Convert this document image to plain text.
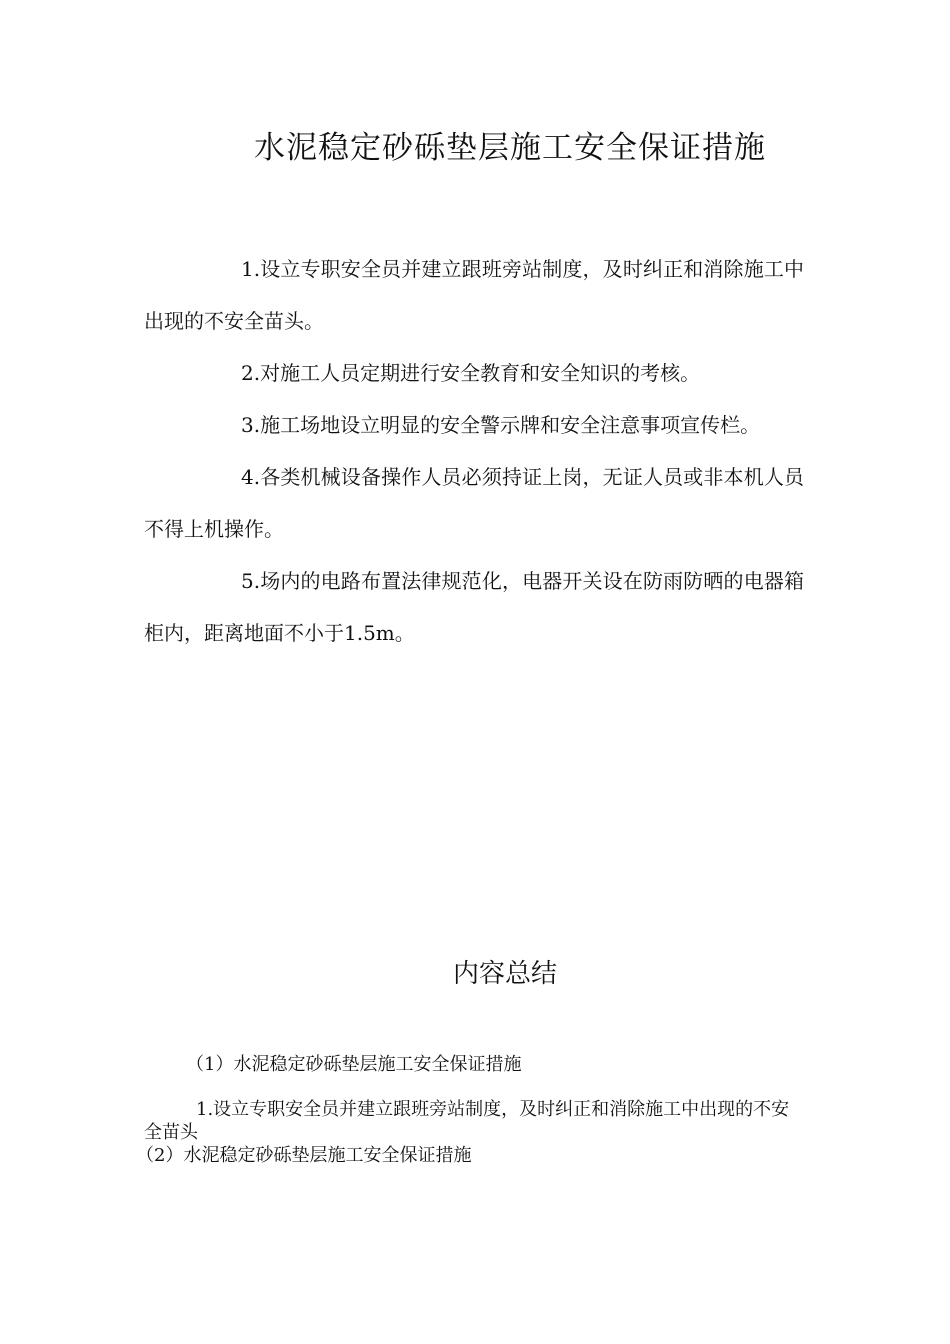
水泥稳定砂砾垫层施工安全保证措施

1.设立专职安全员并建立跟班旁站制度，及时纠正和消除施工中出现的不安全苗头。

2.对施工人员定期进行安全教育和安全知识的考核。

3.施工场地设立明显的安全警示牌和安全注意事项宣传栏。

4.各类机械设备操作人员必须持证上岗，无证人员或非本机人员不得上机操作。

5.场内的电路布置法律规范化，电器开关设在防雨防晒的电器箱柜内，距离地面不小于1.5m。

内容总结

（1）水泥稳定砂砾垫层施工安全保证措施

1.设立专职安全员并建立跟班旁站制度，及时纠正和消除施工中出现的不安全苗头

（2）水泥稳定砂砾垫层施工安全保证措施
